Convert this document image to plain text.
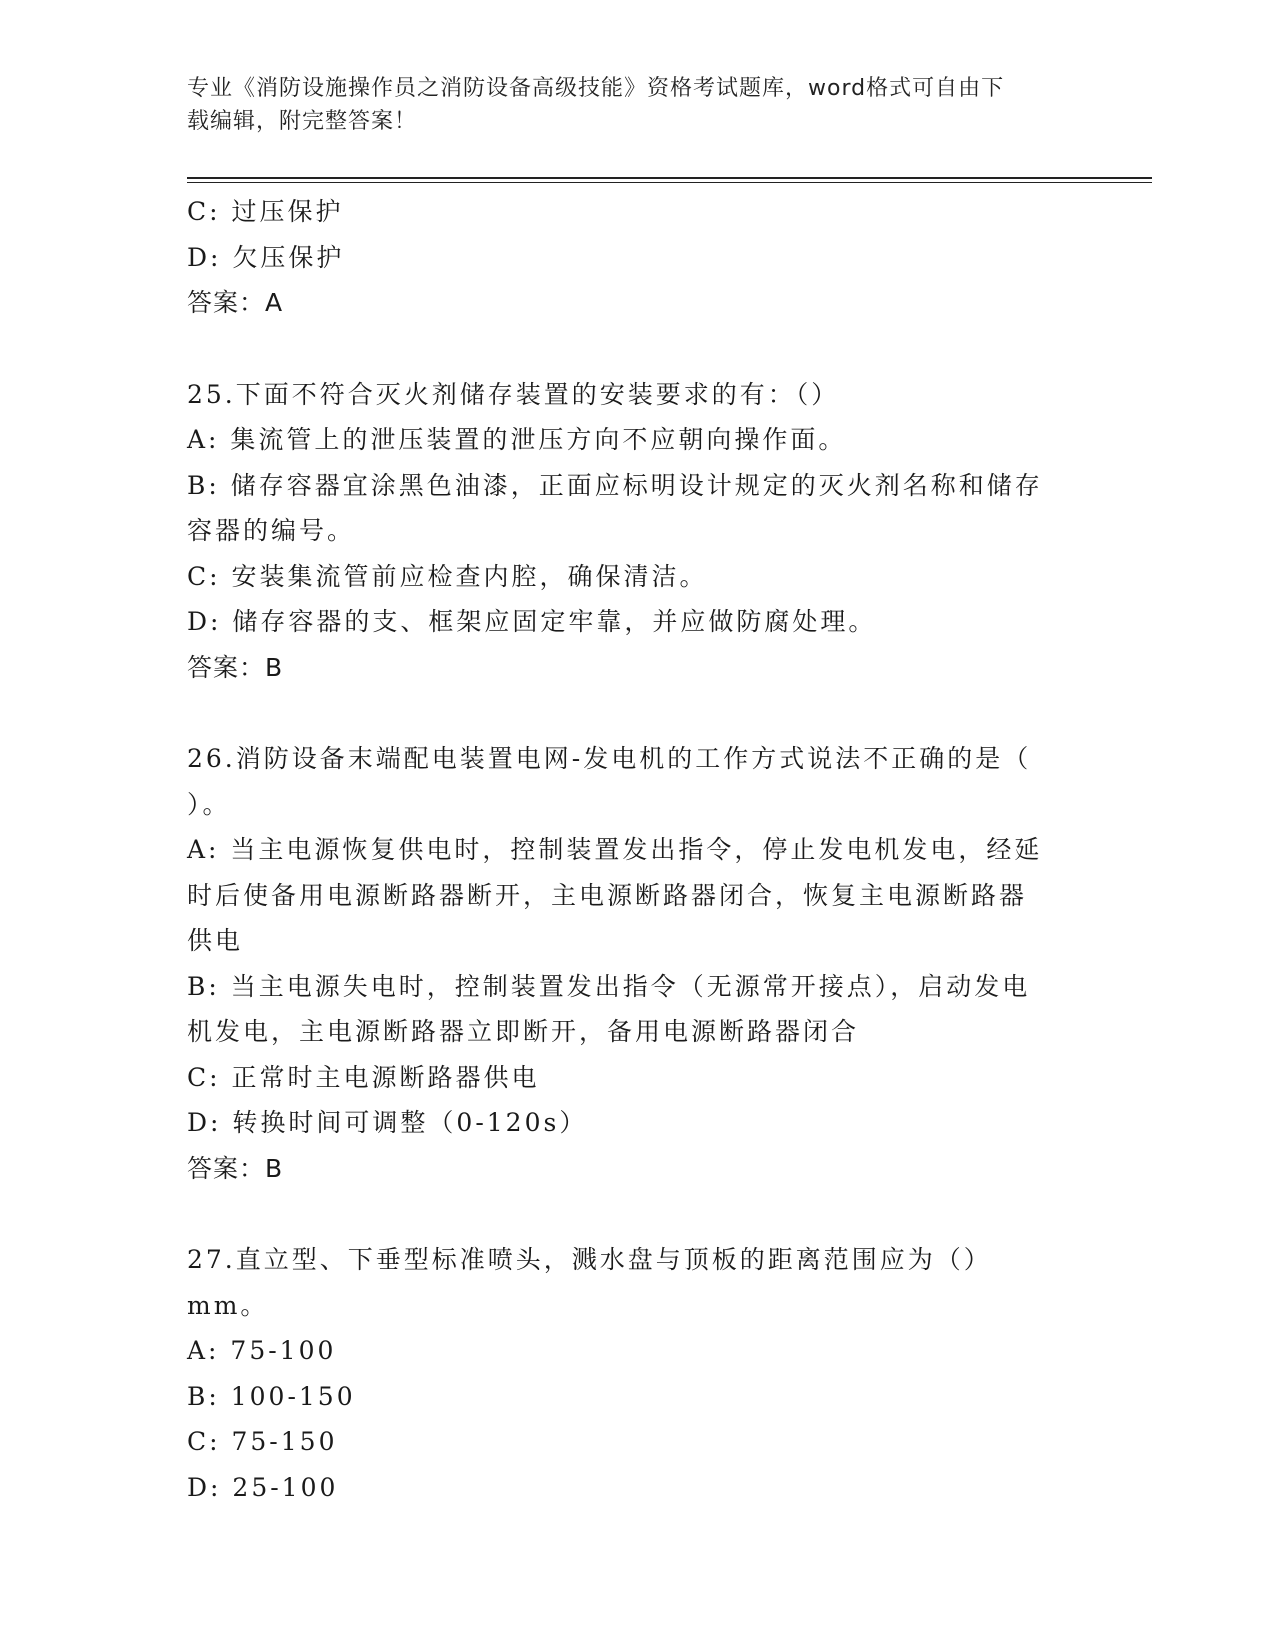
专业《消防设施操作员之消防设备高级技能》资格考试题库，word格式可自由下
载编辑，附完整答案！
C: 过压保护
D: 欠压保护
答案：A
25.下面不符合灭火剂储存装置的安装要求的有：（）
A: 集流管上的泄压装置的泄压方向不应朝向操作面。
B: 储存容器宜涂黑色油漆，正面应标明设计规定的灭火剂名称和储存
容器的编号。
C: 安装集流管前应检查内腔，确保清洁。
D: 储存容器的支、框架应固定牢靠，并应做防腐处理。
答案：B
26.消防设备末端配电装置电网-发电机的工作方式说法不正确的是（
）。
A: 当主电源恢复供电时，控制装置发出指令，停止发电机发电，经延
时后使备用电源断路器断开，主电源断路器闭合，恢复主电源断路器
供电
B: 当主电源失电时，控制装置发出指令（无源常开接点），启动发电
机发电，主电源断路器立即断开，备用电源断路器闭合
C: 正常时主电源断路器供电
D: 转换时间可调整（0-120s）
答案：B
27.直立型、下垂型标准喷头，溅水盘与顶板的距离范围应为（）mm。
A: 75-100
B: 100-150
C: 75-150
D: 25-100
